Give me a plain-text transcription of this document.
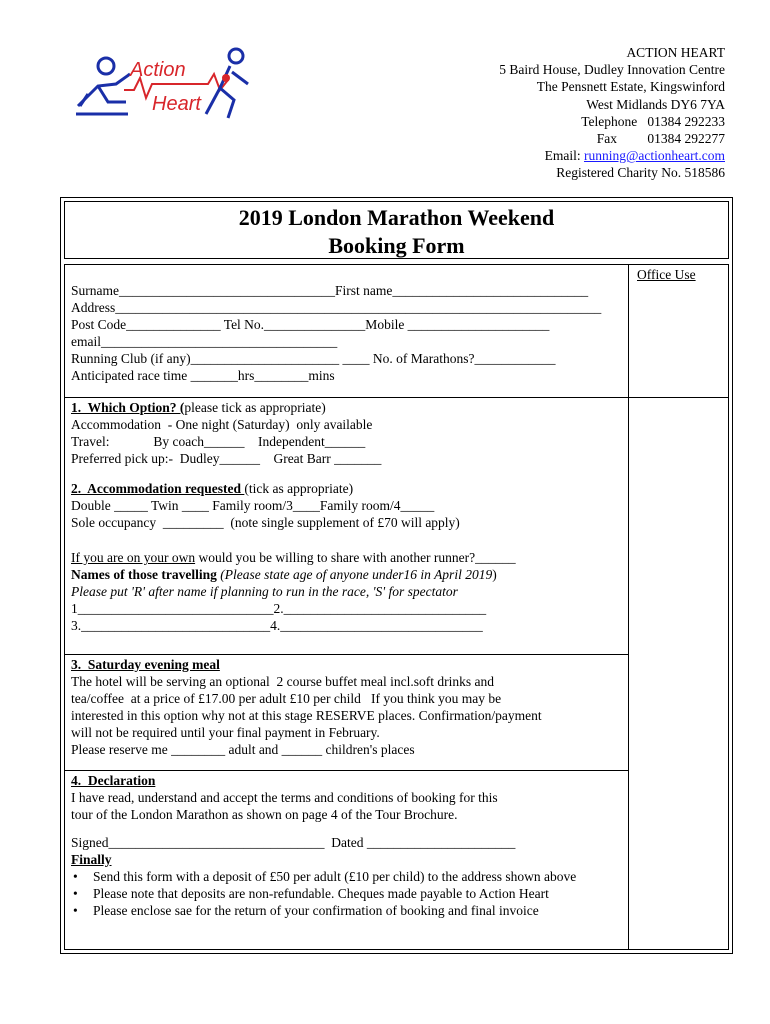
Action
Heart
ACTION HEART
5 Baird House, Dudley Innovation Centre
The Pensnett Estate, Kingswinford
West Midlands DY6 7YA
Telephone   01384 292233
Fax         01384 292277
Email: running@actionheart.com
Registered Charity No. 518586
2019 London Marathon Weekend
Booking Form
Office Use
Surname________________________________First name_____________________________
Address________________________________________________________________________
Post Code______________ Tel No._______________Mobile _____________________
email___________________________________
Running Club (if any)______________________ ____ No. of Marathons?____________
Anticipated race time _______hrs________mins
1.  Which Option? (please tick as appropriate)
Accommodation  - One night (Saturday)  only available
Travel:             By coach______    Independent______
Preferred pick up:-  Dudley______    Great Barr _______
2.  Accommodation requested (tick as appropriate)
Double _____ Twin ____ Family room/3____Family room/4_____
Sole occupancy  _________  (note single supplement of £70 will apply)
If you are on your own would you be willing to share with another runner?______
Names of those travelling (Please state age of anyone under16 in April 2019)
Please put 'R' after name if planning to run in the race, 'S' for spectator
1_____________________________2.______________________________
3.____________________________4.______________________________
3.  Saturday evening meal
The hotel will be serving an optional  2 course buffet meal incl.soft drinks and
tea/coffee  at a price of £17.00 per adult £10 per child   If you think you may be
interested in this option why not at this stage RESERVE places. Confirmation/payment
will not be required until your final payment in February.
Please reserve me ________ adult and ______ children's places
4.  Declaration
I have read, understand and accept the terms and conditions of booking for this
tour of the London Marathon as shown on page 4 of the Tour Brochure.
Signed________________________________  Dated ______________________
Finally
• Send this form with a deposit of £50 per adult (£10 per child) to the address shown above
• Please note that deposits are non-refundable. Cheques made payable to Action Heart
• Please enclose sae for the return of your confirmation of booking and final invoice
